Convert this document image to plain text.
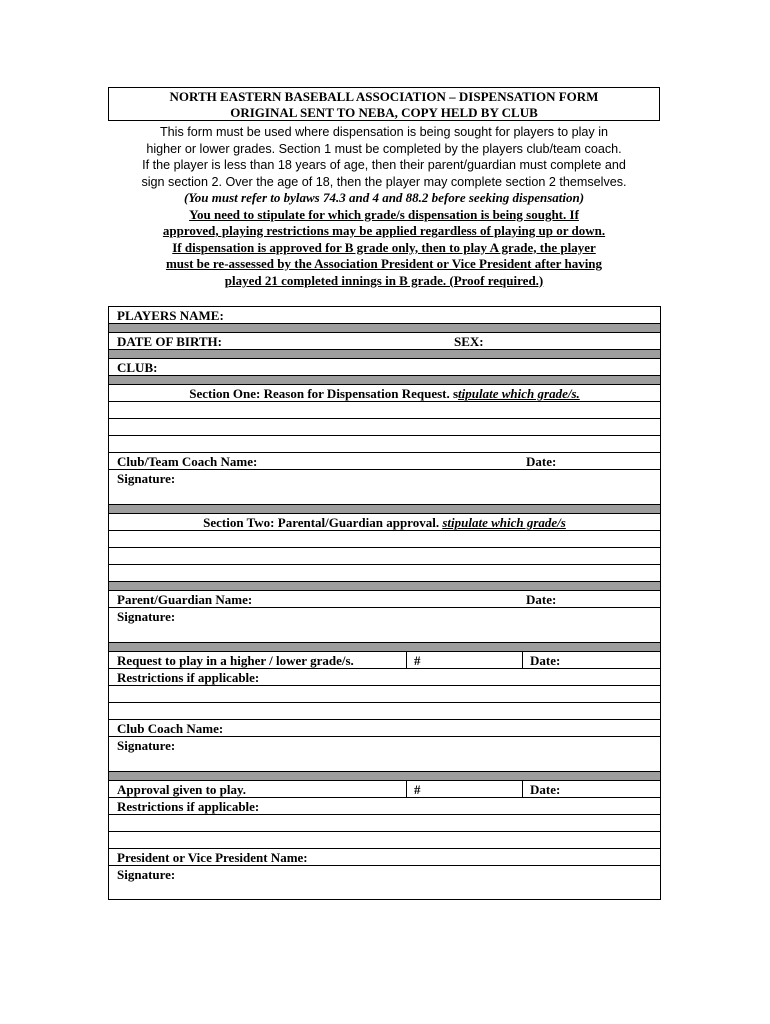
NORTH EASTERN BASEBALL ASSOCIATION – DISPENSATION FORM
ORIGINAL SENT TO NEBA, COPY HELD BY CLUB
This form must be used where dispensation is being sought for players to play in
higher or lower grades. Section 1 must be completed by the players club/team coach.
If the player is less than 18 years of age, then their parent/guardian must complete and
sign section 2. Over the age of 18, then the player may complete section 2 themselves.
(You must refer to bylaws 74.3 and 4 and 88.2 before seeking dispensation)
You need to stipulate for which grade/s dispensation is being sought. If
approved, playing restrictions may be applied regardless of playing up or down.
If dispensation is approved for B grade only, then to play A grade, the player
must be re-assessed by the Association President or Vice President after having
played 21 completed innings in B grade. (Proof required.)
PLAYERS NAME:
DATE OF BIRTH:	SEX:
CLUB:
Section One: Reason for Dispensation Request. stipulate which grade/s.
Club/Team Coach Name:	Date:
Signature:
Section Two: Parental/Guardian approval. stipulate which grade/s
Parent/Guardian Name:	Date:
Signature:
Request to play in a higher / lower grade/s.	#	Date:
Restrictions if applicable:
Club Coach Name:
Signature:
Approval given to play.	#	Date:
Restrictions if applicable:
President or Vice President Name:
Signature:
